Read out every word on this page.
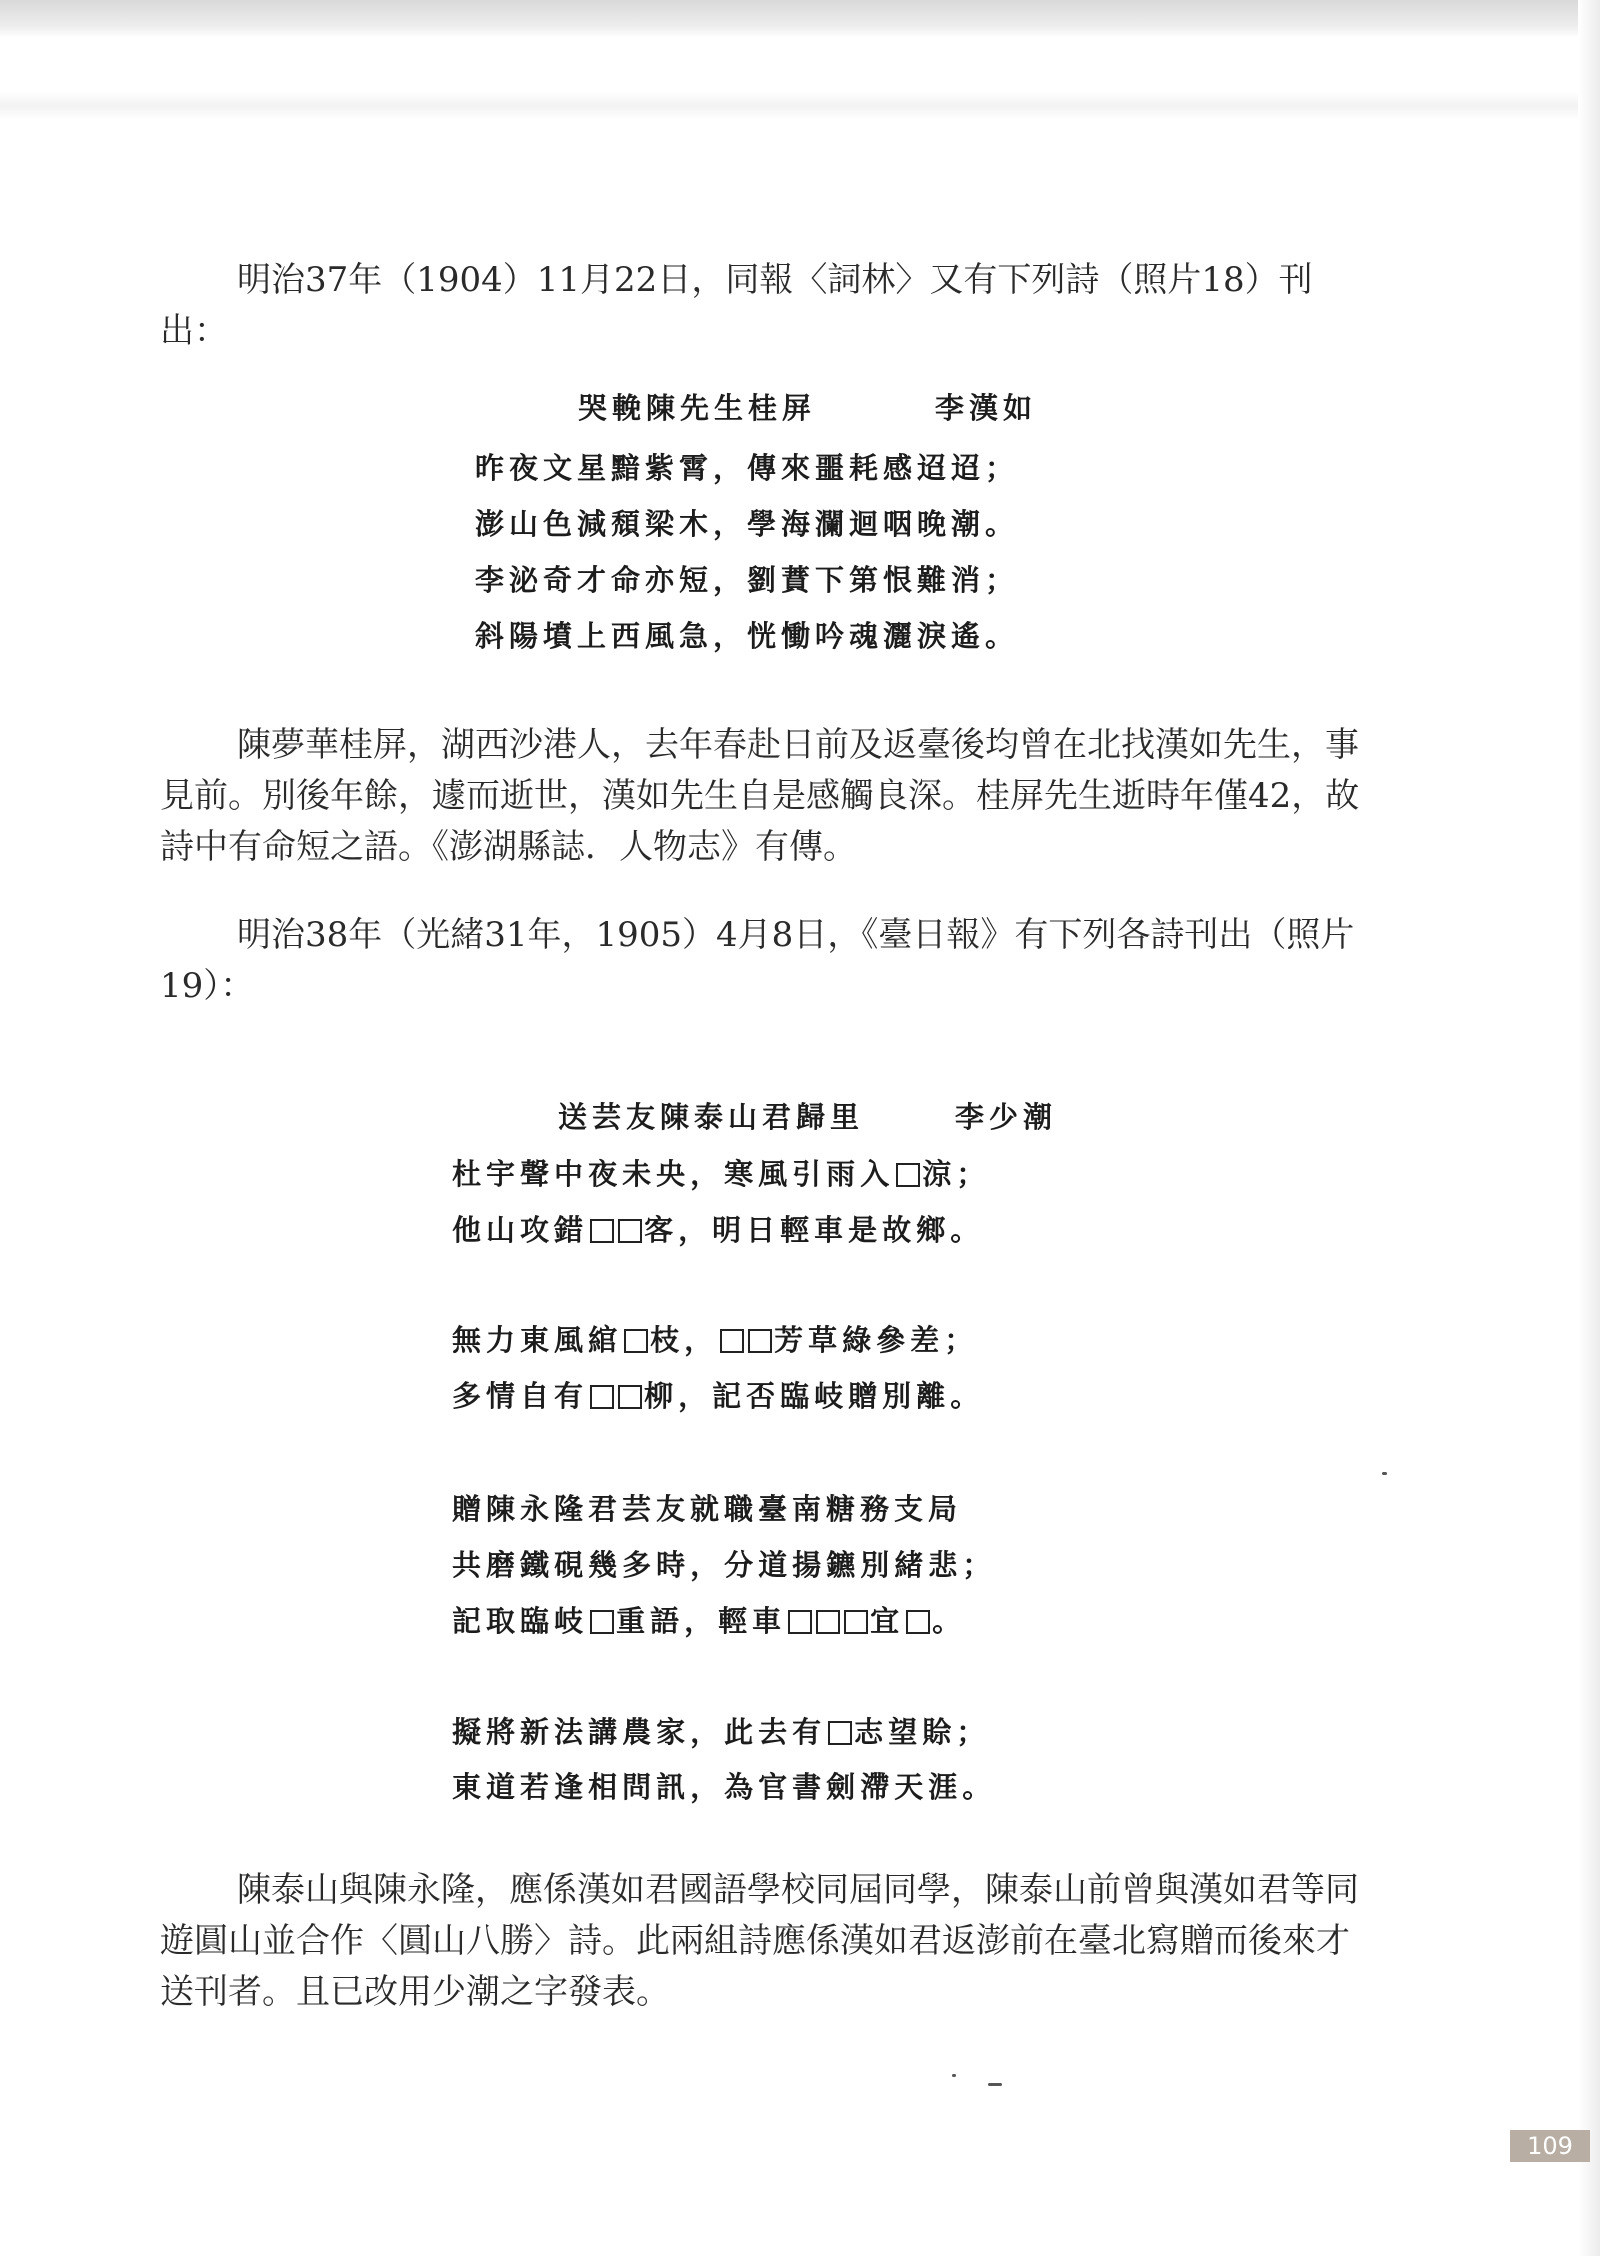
明治37年（1904）11月22日，同報〈詞林〉又有下列詩（照片18）刊出：

哭輓陳先生桂屏

	李漢如

昨夜文星黯紫霄，傳來噩耗感迢迢；

澎山色減頹梁木，學海瀾迴咽晚潮。

李泌奇才命亦短，劉蕡下第恨難消；

斜陽墳上西風急，恍慟吟魂灑淚遙。

陳夢華桂屏，湖西沙港人，去年春赴日前及返臺後均曾在北找漢如先生，事見前。別後年餘，遽而逝世，漢如先生自是感觸良深。桂屏先生逝時年僅42，故詩中有命短之語。《澎湖縣誌．人物志》有傳。

明治38年（光緒31年，1905）4月8日，《臺日報》有下列各詩刊出（照片19）：

送芸友陳泰山君歸里

	李少潮

杜宇聲中夜未央，寒風引雨入 涼；

他山攻錯 客，明日輕車是故鄉。

無力東風綰 枝， 芳草綠參差；

多情自有 柳，記否臨岐贈別離。

贈陳永隆君芸友就職臺南糖務支局

共磨鐵硯幾多時，分道揚鑣別緒悲；

記取臨岐 重語，輕車	宜 。

擬將新法講農家，此去有 志望賒；

東道若逢相問訊，為官書劍滯天涯。

陳泰山與陳永隆，應係漢如君國語學校同屆同學，陳泰山前曾與漢如君等同遊圓山並合作〈圓山八勝〉詩。此兩組詩應係漢如君返澎前在臺北寫贈而後來才送刊者。且已改用少潮之字發表。

109
